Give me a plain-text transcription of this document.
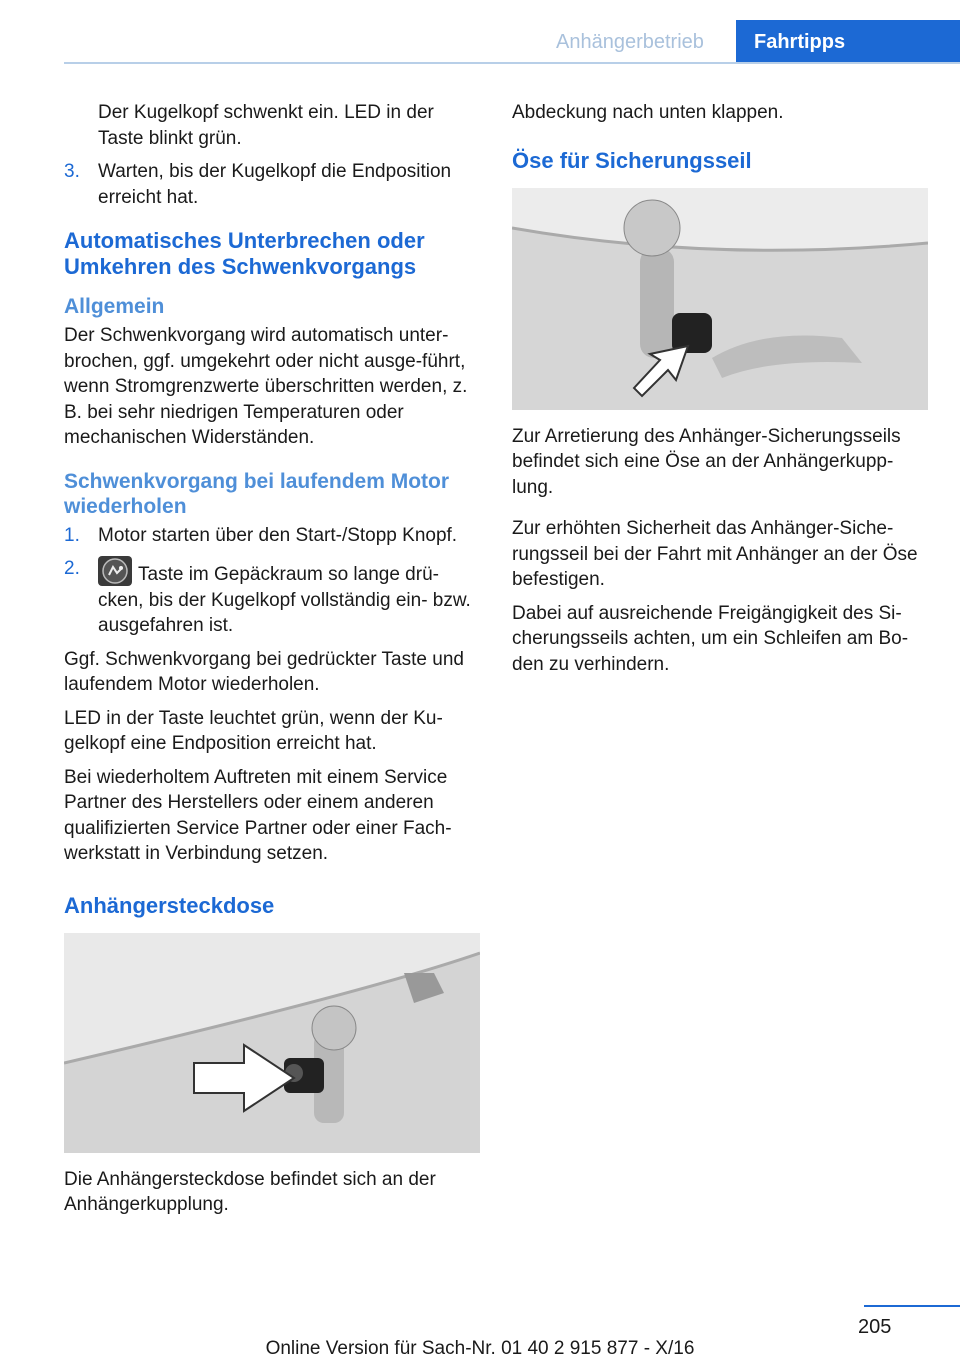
Anhängerbetrieb	Fahrtipps

Der Kugelkopf schwenkt ein. LED in der Taste blinkt grün.

3. Warten, bis der Kugelkopf die Endposition erreicht hat.
Automatisches Unterbrechen oder Umkehren des Schwenkvorgangs
Allgemein

Der Schwenkvorgang wird automatisch unter‐brochen, ggf. umgekehrt oder nicht ausge‐führt, wenn Stromgrenzwerte überschritten werden, z. B. bei sehr niedrigen Temperaturen oder mechanischen Widerständen.

Schwenkvorgang bei laufendem Motor wiederholen
1. Motor starten über den Start-/Stopp Knopf.
2.	Taste im Gepäckraum so lange drü‐cken, bis der Kugelkopf vollständig ein‐ bzw. ausgefahren ist.

Ggf. Schwenkvorgang bei gedrückter Taste und laufendem Motor wiederholen.

LED in der Taste leuchtet grün, wenn der Ku‐gelkopf eine Endposition erreicht hat.

Bei wiederholtem Auftreten mit einem Service Partner des Herstellers oder einem anderen qualifizierten Service Partner oder einer Fach‐werkstatt in Verbindung setzen.

Anhängersteckdose

Die Anhängersteckdose befindet sich an der Anhängerkupplung.

Abdeckung nach unten klappen.

Öse für Sicherungsseil

Zur Arretierung des Anhänger-Sicherungsseils befindet sich eine Öse an der Anhängerkupp‐lung.

Zur erhöhten Sicherheit das Anhänger-Siche‐rungsseil bei der Fahrt mit Anhänger an der Öse befestigen.

Dabei auf ausreichende Freigängigkeit des Si‐cherungsseils achten, um ein Schleifen am Bo‐den zu verhindern.

205
Online Version für Sach-Nr. 01 40 2 915 877 - X/16
